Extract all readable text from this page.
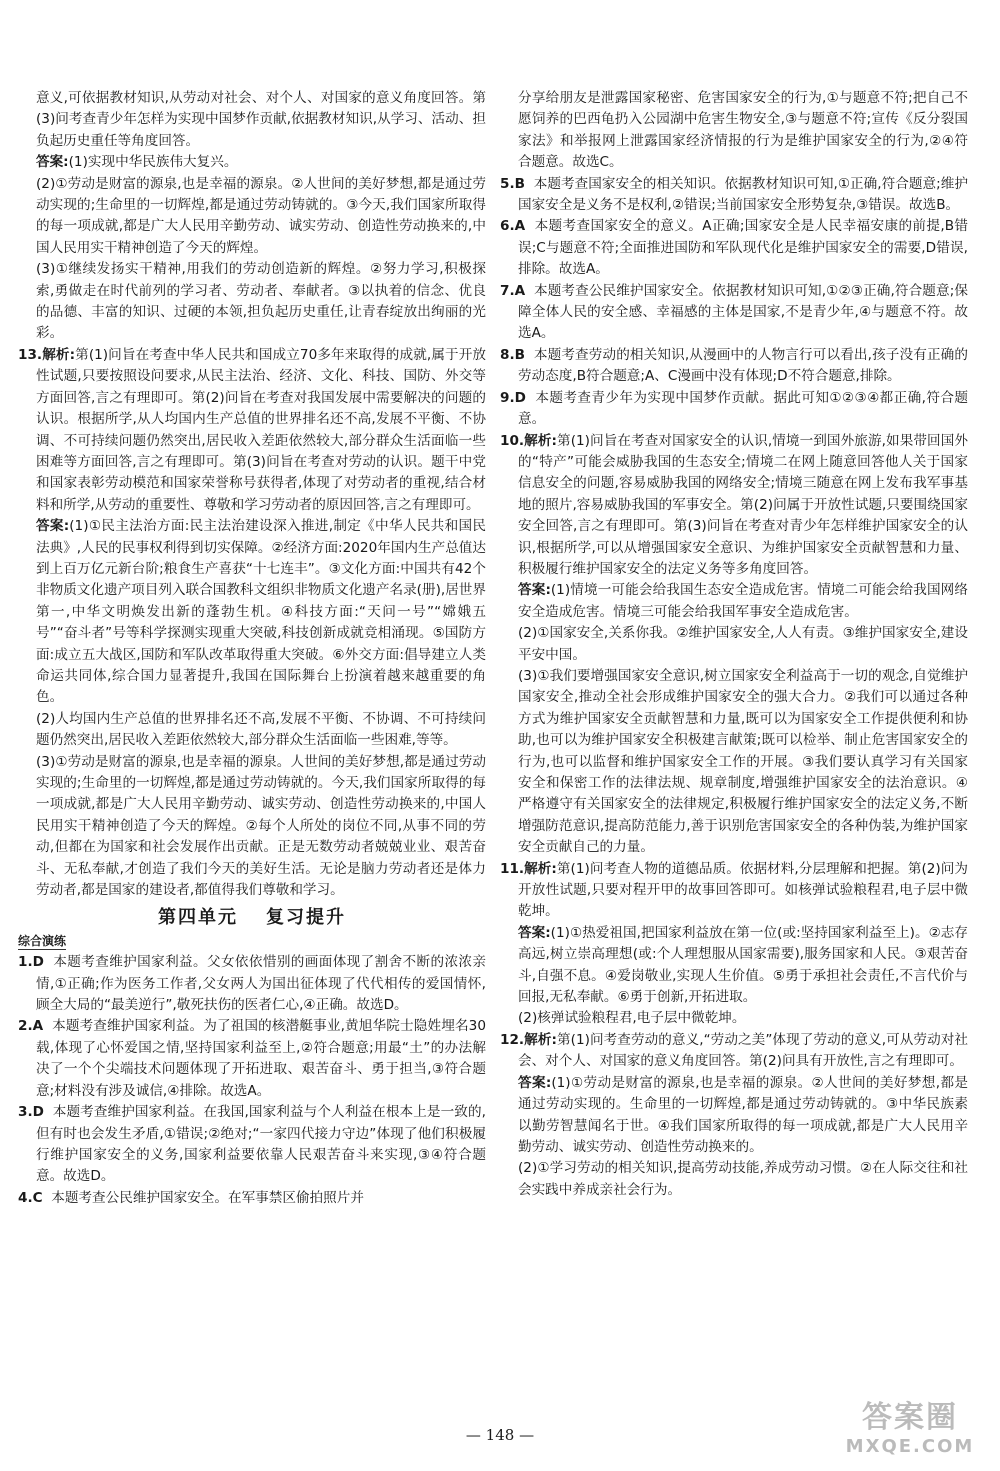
意义,可依据教材知识,从劳动对社会、对个人、对国家的意义角度回答。第(3)问考查青少年怎样为实现中国梦作贡献,依据教材知识,从学习、活动、担负起历史重任等角度回答。

答案:(1)实现中华民族伟大复兴。

(2)①劳动是财富的源泉,也是幸福的源泉。②人世间的美好梦想,都是通过劳动实现的;生命里的一切辉煌,都是通过劳动铸就的。③今天,我们国家所取得的每一项成就,都是广大人民用辛勤劳动、诚实劳动、创造性劳动换来的,中国人民用实干精神创造了今天的辉煌。

(3)①继续发扬实干精神,用我们的劳动创造新的辉煌。②努力学习,积极探索,勇做走在时代前列的学习者、劳动者、奉献者。③以执着的信念、优良的品德、丰富的知识、过硬的本领,担负起历史重任,让青春绽放出绚丽的光彩。

13.解析:第(1)问旨在考查中华人民共和国成立70多年来取得的成就,属于开放性试题,只要按照设问要求,从民主法治、经济、文化、科技、国防、外交等方面回答,言之有理即可。第(2)问旨在考查对我国发展中需要解决的问题的认识。根据所学,从人均国内生产总值的世界排名还不高,发展不平衡、不协调、不可持续问题仍然突出,居民收入差距依然较大,部分群众生活面临一些困难等方面回答,言之有理即可。第(3)问旨在考查对劳动的认识。题干中党和国家表彰劳动模范和国家荣誉称号获得者,体现了对劳动者的重视,结合材料和所学,从劳动的重要性、尊敬和学习劳动者的原因回答,言之有理即可。

答案:(1)①民主法治方面:民主法治建设深入推进,制定《中华人民共和国民法典》,人民的民事权利得到切实保障。②经济方面:2020年国内生产总值达到上百万亿元新台阶;粮食生产喜获“十七连丰”。③文化方面:中国共有42个非物质文化遗产项目列入联合国教科文组织非物质文化遗产名录(册),居世界第一,中华文明焕发出新的蓬勃生机。④科技方面:“天问一号”“嫦娥五号”“奋斗者”号等科学探测实现重大突破,科技创新成就竞相涌现。⑤国防方面:成立五大战区,国防和军队改革取得重大突破。⑥外交方面:倡导建立人类命运共同体,综合国力显著提升,我国在国际舞台上扮演着越来越重要的角色。

(2)人均国内生产总值的世界排名还不高,发展不平衡、不协调、不可持续问题仍然突出,居民收入差距依然较大,部分群众生活面临一些困难,等等。

(3)①劳动是财富的源泉,也是幸福的源泉。人世间的美好梦想,都是通过劳动实现的;生命里的一切辉煌,都是通过劳动铸就的。今天,我们国家所取得的每一项成就,都是广大人民用辛勤劳动、诚实劳动、创造性劳动换来的,中国人民用实干精神创造了今天的辉煌。②每个人所处的岗位不同,从事不同的劳动,但都在为国家和社会发展作出贡献。正是无数劳动者兢兢业业、艰苦奋斗、无私奉献,才创造了我们今天的美好生活。无论是脑力劳动者还是体力劳动者,都是国家的建设者,都值得我们尊敬和学习。

第四单元 复习提升
综合演练

1.D 本题考查维护国家利益。父女依依惜别的画面体现了割舍不断的浓浓亲情,①正确;作为医务工作者,父女两人为国出征体现了代代相传的爱国情怀,顾全大局的“最美逆行”,敬死扶伤的医者仁心,④正确。故选D。

2.A 本题考查维护国家利益。为了祖国的核潜艇事业,黄旭华院士隐姓埋名30载,体现了心怀爱国之情,坚持国家利益至上,②符合题意;用最“土”的办法解决了一个个尖端技术问题体现了开拓进取、艰苦奋斗、勇于担当,③符合题意;材料没有涉及诚信,④排除。故选A。

3.D 本题考查维护国家利益。在我国,国家利益与个人利益在根本上是一致的,但有时也会发生矛盾,①错误;②绝对;“一家四代接力守边”体现了他们积极履行维护国家安全的义务,国家利益要依靠人民艰苦奋斗来实现,③④符合题意。故选D。

4.C 本题考查公民维护国家安全。在军事禁区偷拍照片并

分享给朋友是泄露国家秘密、危害国家安全的行为,①与题意不符;把自己不愿饲养的巴西龟扔入公园湖中危害生物安全,③与题意不符;宣传《反分裂国家法》和举报网上泄露国家经济情报的行为是维护国家安全的行为,②④符合题意。故选C。

5.B 本题考查国家安全的相关知识。依据教材知识可知,①正确,符合题意;维护国家安全是义务不是权利,②错误;当前国家安全形势复杂,③错误。故选B。

6.A 本题考查国家安全的意义。A正确;国家安全是人民幸福安康的前提,B错误;C与题意不符;全面推进国防和军队现代化是维护国家安全的需要,D错误,排除。故选A。

7.A 本题考查公民维护国家安全。依据教材知识可知,①②③正确,符合题意;保障全体人民的安全感、幸福感的主体是国家,不是青少年,④与题意不符。故选A。

8.B 本题考查劳动的相关知识,从漫画中的人物言行可以看出,孩子没有正确的劳动态度,B符合题意;A、C漫画中没有体现;D不符合题意,排除。

9.D 本题考查青少年为实现中国梦作贡献。据此可知①②③④都正确,符合题意。

10.解析:第(1)问旨在考查对国家安全的认识,情境一到国外旅游,如果带回国外的“特产”可能会威胁我国的生态安全;情境二在网上随意回答他人关于国家信息安全的问题,容易威胁我国的网络安全;情境三随意在网上发布我军事基地的照片,容易威胁我国的军事安全。第(2)问属于开放性试题,只要围绕国家安全回答,言之有理即可。第(3)问旨在考查对青少年怎样维护国家安全的认识,根据所学,可以从增强国家安全意识、为维护国家安全贡献智慧和力量、积极履行维护国家安全的法定义务等多角度回答。

答案:(1)情境一可能会给我国生态安全造成危害。情境二可能会给我国网络安全造成危害。情境三可能会给我国军事安全造成危害。

(2)①国家安全,关系你我。②维护国家安全,人人有责。③维护国家安全,建设平安中国。

(3)①我们要增强国家安全意识,树立国家安全利益高于一切的观念,自觉维护国家安全,推动全社会形成维护国家安全的强大合力。②我们可以通过各种方式为维护国家安全贡献智慧和力量,既可以为国家安全工作提供便利和协助,也可以为维护国家安全积极建言献策;既可以检举、制止危害国家安全的行为,也可以监督和维护国家安全工作的开展。③我们要认真学习有关国家安全和保密工作的法律法规、规章制度,增强维护国家安全的法治意识。④严格遵守有关国家安全的法律规定,积极履行维护国家安全的法定义务,不断增强防范意识,提高防范能力,善于识别危害国家安全的各种伪装,为维护国家安全贡献自己的力量。

11.解析:第(1)问考查人物的道德品质。依据材料,分层理解和把握。第(2)问为开放性试题,只要对程开甲的故事回答即可。如核弹试验粮程君,电子层中微乾坤。

答案:(1)①热爱祖国,把国家利益放在第一位(或:坚持国家利益至上)。②志存高远,树立崇高理想(或:个人理想服从国家需要),服务国家和人民。③艰苦奋斗,自强不息。④爱岗敬业,实现人生价值。⑤勇于承担社会责任,不言代价与回报,无私奉献。⑥勇于创新,开拓进取。

(2)核弹试验粮程君,电子层中微乾坤。

12.解析:第(1)问考查劳动的意义,“劳动之美”体现了劳动的意义,可从劳动对社会、对个人、对国家的意义角度回答。第(2)问具有开放性,言之有理即可。

答案:(1)①劳动是财富的源泉,也是幸福的源泉。②人世间的美好梦想,都是通过劳动实现的。生命里的一切辉煌,都是通过劳动铸就的。③中华民族素以勤劳智慧闻名于世。④我们国家所取得的每一项成就,都是广大人民用辛勤劳动、诚实劳动、创造性劳动换来的。

(2)①学习劳动的相关知识,提高劳动技能,养成劳动习惯。②在人际交往和社会实践中养成亲社会行为。

— 148 —	答案圈
MXQE.COM
